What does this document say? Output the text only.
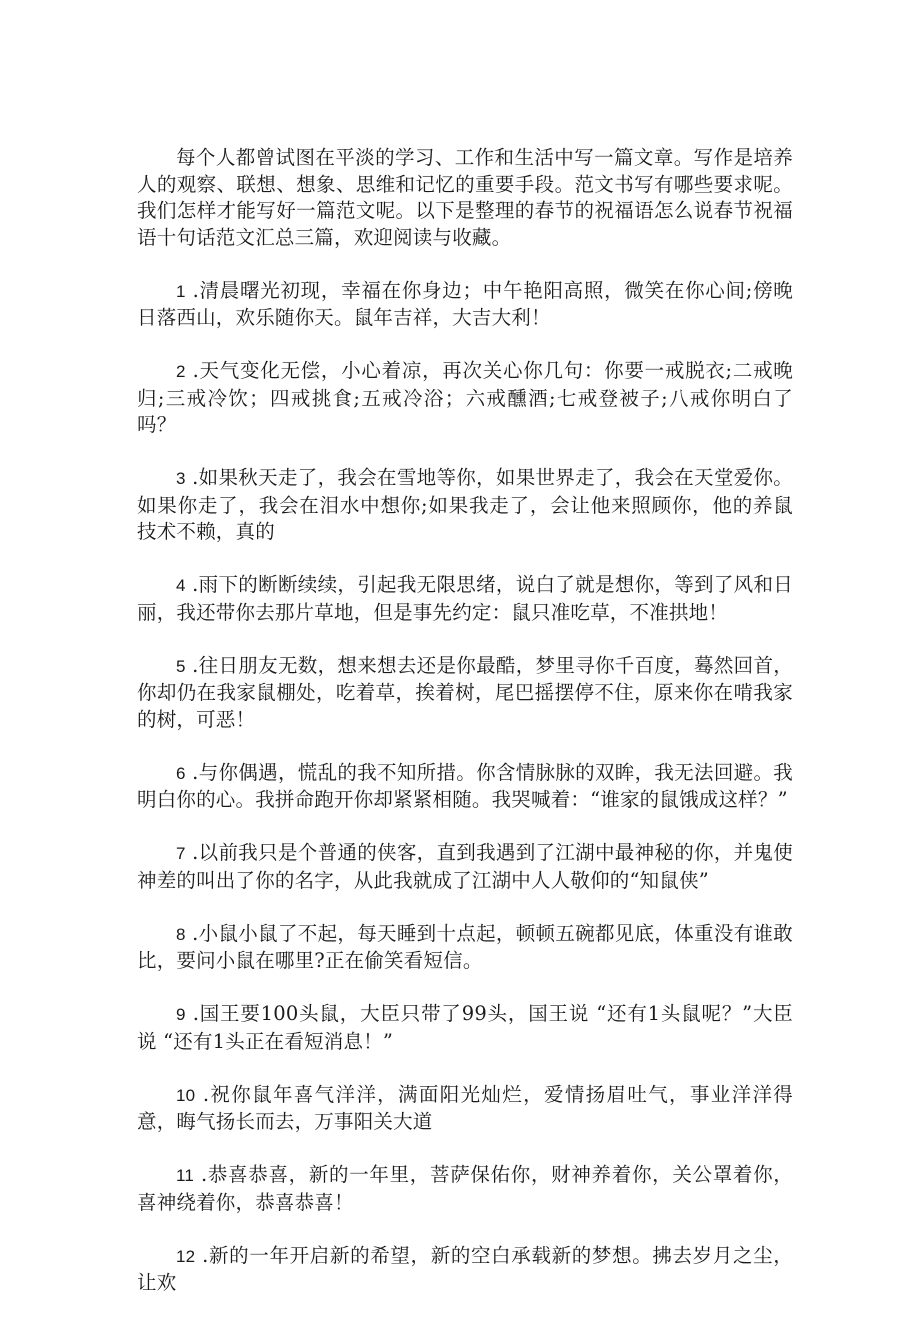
每个人都曾试图在平淡的学习、工作和生活中写一篇文章。写作是培养人的观察、联想、想象、思维和记忆的重要手段。范文书写有哪些要求呢。我们怎样才能写好一篇范文呢。以下是整理的春节的祝福语怎么说春节祝福语十句话范文汇总三篇，欢迎阅读与收藏。

1 .清晨曙光初现，幸福在你身边；中午艳阳高照，微笑在你心间;傍晚日落西山，欢乐随你天。鼠年吉祥，大吉大利！

2 .天气变化无偿，小心着凉，再次关心你几句：你要一戒脱衣;二戒晚归;三戒冷饮；四戒挑食;五戒冷浴；六戒醺酒;七戒登被子;八戒你明白了吗？

3 .如果秋天走了，我会在雪地等你，如果世界走了，我会在天堂爱你。如果你走了，我会在泪水中想你;如果我走了，会让他来照顾你，他的养鼠技术不赖，真的

4 .雨下的断断续续，引起我无限思绪，说白了就是想你，等到了风和日丽，我还带你去那片草地，但是事先约定：鼠只准吃草，不准拱地！

5 .往日朋友无数，想来想去还是你最酷，梦里寻你千百度，蓦然回首，你却仍在我家鼠棚处，吃着草，挨着树，尾巴摇摆停不住，原来你在啃我家的树，可恶！

6 .与你偶遇，慌乱的我不知所措。你含情脉脉的双眸，我无法回避。我明白你的心。我拼命跑开你却紧紧相随。我哭喊着：“谁家的鼠饿成这样？”

7 .以前我只是个普通的侠客，直到我遇到了江湖中最神秘的你，并鬼使神差的叫出了你的名字，从此我就成了江湖中人人敬仰的“知鼠侠”

8 .小鼠小鼠了不起，每天睡到十点起，顿顿五碗都见底，体重没有谁敢比，要问小鼠在哪里?正在偷笑看短信。

9 .国王要100头鼠，大臣只带了99头，国王说 “还有1头鼠呢？”大臣说 “还有1头正在看短消息！”

10 .祝你鼠年喜气洋洋，满面阳光灿烂，爱情扬眉吐气，事业洋洋得意，晦气扬长而去，万事阳关大道

11 .恭喜恭喜，新的一年里，菩萨保佑你，财神养着你，关公罩着你，喜神绕着你，恭喜恭喜！

12 .新的一年开启新的希望，新的空白承载新的梦想。拂去岁月之尘，让欢
